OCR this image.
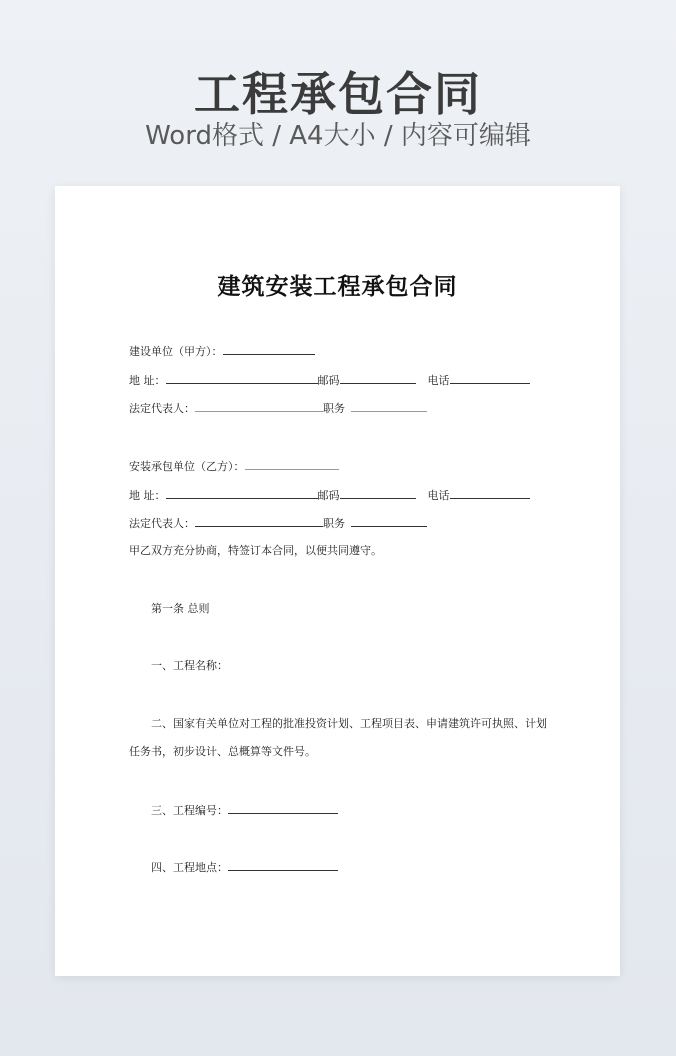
工程承包合同
Word格式 / A4大小 / 内容可编辑
建筑安装工程承包合同
建设单位（甲方）：
地 址：	邮码	电话
法定代表人：	职务
安装承包单位（乙方）：
地 址：	邮码	电话
法定代表人：	职务
甲乙双方充分协商，特签订本合同，以便共同遵守。
第一条 总则
一、工程名称：
二、国家有关单位对工程的批准投资计划、工程项目表、申请建筑许可执照、计划
任务书，初步设计、总概算等文件号。
三、工程编号：
四、工程地点：
